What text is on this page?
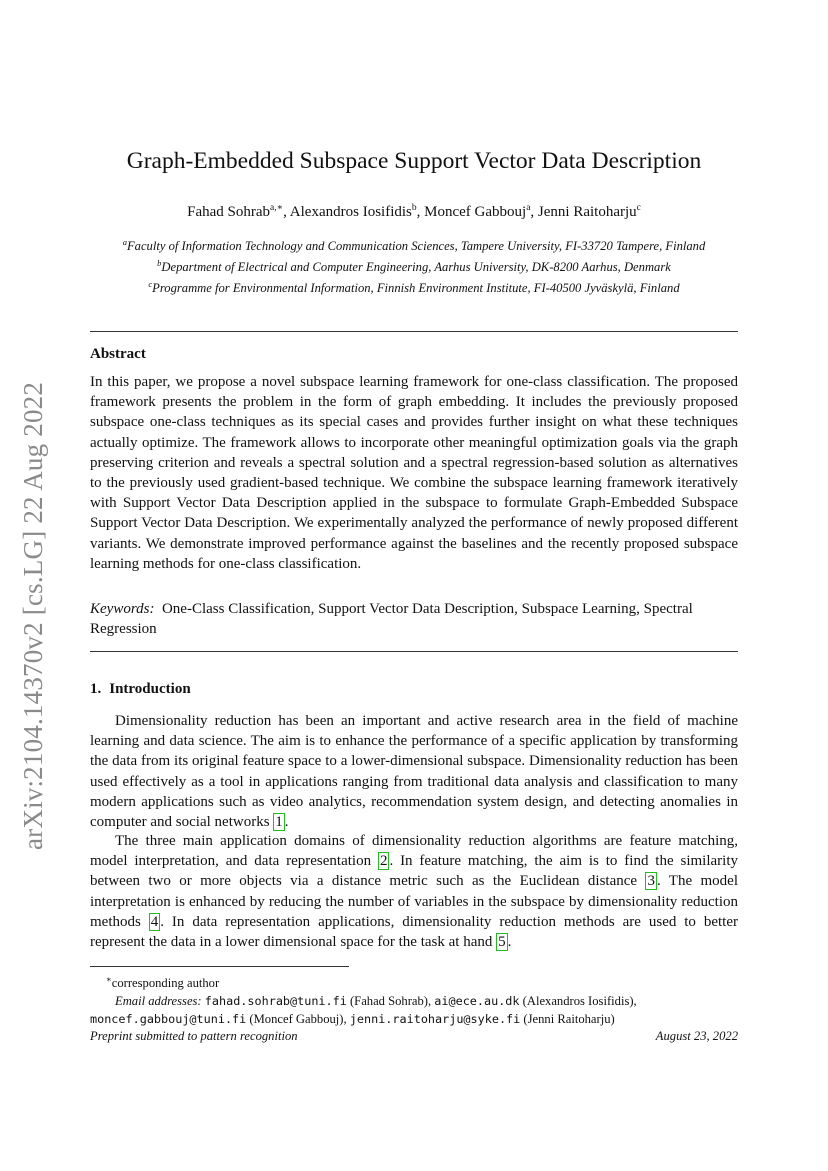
arXiv:2104.14370v2 [cs.LG] 22 Aug 2022
Graph-Embedded Subspace Support Vector Data Description
Fahad Sohrab$^{a,∗}$, Alexandros Iosifidis$^b$, Moncef Gabbouj$^a$, Jenni Raitoharju$^c$
$^a$Faculty of Information Technology and Communication Sciences, Tampere University, FI-33720 Tampere, Finland
$^b$Department of Electrical and Computer Engineering, Aarhus University, DK-8200 Aarhus, Denmark
$^c$Programme for Environmental Information, Finnish Environment Institute, FI-40500 Jyväskylä, Finland
Abstract
In this paper, we propose a novel subspace learning framework for one-class classification. The proposed framework presents the problem in the form of graph embedding. It includes the previously proposed subspace one-class techniques as its special cases and provides further insight on what these techniques actually optimize. The framework allows to incorporate other meaningful optimization goals via the graph preserving criterion and reveals a spectral solution and a spectral regression-based solution as alternatives to the previously used gradient-based technique. We combine the subspace learning framework iteratively with Support Vector Data Description applied in the subspace to formulate Graph-Embedded Subspace Support Vector Data Description. We experimentally analyzed the performance of newly proposed different variants. We demonstrate improved performance against the baselines and the recently proposed subspace learning methods for one-class classification.
Keywords: One-Class Classification, Support Vector Data Description, Subspace Learning, Spectral Regression
1. Introduction
Dimensionality reduction has been an important and active research area in the field of machine learning and data science. The aim is to enhance the performance of a specific application by transforming the data from its original feature space to a lower-dimensional subspace. Dimensionality reduction has been used effectively as a tool in applications ranging from traditional data analysis and classification to many modern applications such as video analytics, recommendation system design, and detecting anomalies in computer and social networks 1 .
The three main application domains of dimensionality reduction algorithms are feature matching, model interpretation, and data representation 2 . In feature matching, the aim is to find the similarity between two or more objects via a distance metric such as the Euclidean distance 3 . The model interpretation is enhanced by reducing the number of variables in the subspace by dimensionality reduction methods 4 . In data representation applications, dimensionality reduction methods are used to better represent the data in a lower dimensional space for the task at hand 5 .
∗corresponding author
Email addresses: fahad.sohrab@tuni.fi (Fahad Sohrab), ai@ece.au.dk (Alexandros Iosifidis), moncef.gabbouj@tuni.fi (Moncef Gabbouj), jenni.raitoharju@syke.fi (Jenni Raitoharju)
Preprint submitted to pattern recognition	August 23, 2022
